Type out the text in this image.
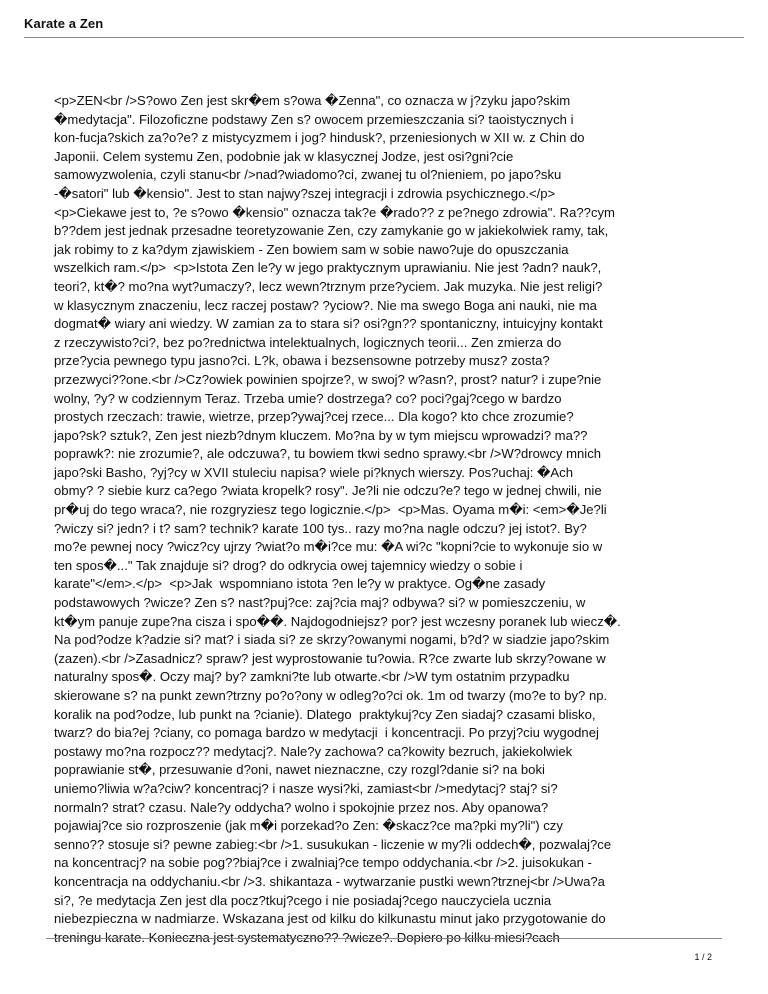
Karate a Zen
<p>ZEN<br />S?owo Zen jest skr�em s?owa �Zenna", co oznacza w j?zyku japo?skim
�medytacja". Filozoficzne podstawy Zen s? owocem przemieszczania si? taoistycznych i
kon-fucja?skich za?o?e? z mistycyzmem i jog? hindusk?, przeniesionych w XII w. z Chin do
Japonii. Celem systemu Zen, podobnie jak w klasycznej Jodze, jest osi?gni?cie
samowyzwolenia, czyli stanu<br />nad?wiadomo?ci, zwanej tu ol?nieniem, po japo?sku
-�satori" lub �kensio". Jest to stan najwy?szej integracji i zdrowia psychicznego.</p>
<p>Ciekawe jest to, ?e s?owo �kensio" oznacza tak?e �rado?? z pe?nego zdrowia". Ra??cym
b??dem jest jednak przesadne teoretyzowanie Zen, czy zamykanie go w jakiekolwiek ramy, tak,
jak robimy to z ka?dym zjawiskiem - Zen bowiem sam w sobie nawo?uje do opuszczania
wszelkich ram.</p>  <p>Istota Zen le?y w jego praktycznym uprawianiu. Nie jest ?adn? nauk?,
teori?, kt�? mo?na wyt?umaczy?, lecz wewn?trznym prze?yciem. Jak muzyka. Nie jest religi?
w klasycznym znaczeniu, lecz raczej postaw? ?yciow?. Nie ma swego Boga ani nauki, nie ma
dogmat� wiary ani wiedzy. W zamian za to stara si? osi?gn?? spontaniczny, intuicyjny kontakt
z rzeczywisto?ci?, bez po?rednictwa intelektualnych, logicznych teorii... Zen zmierza do
prze?ycia pewnego typu jasno?ci. L?k, obawa i bezsensowne potrzeby musz? zosta?
przezwyci??one.<br />Cz?owiek powinien spojrze?, w swoj? w?asn?, prost? natur? i zupe?nie
wolny, ?y? w codziennym Teraz. Trzeba umie? dostrzega? co? poci?gaj?cego w bardzo
prostych rzeczach: trawie, wietrze, przep?ywaj?cej rzece... Dla kogo? kto chce zrozumie?
japo?sk? sztuk?, Zen jest niezb?dnym kluczem. Mo?na by w tym miejscu wprowadzi? ma??
poprawk?: nie zrozumie?, ale odczuwa?, tu bowiem tkwi sedno sprawy.<br />W?drowcy mnich
japo?ski Basho, ?yj?cy w XVII stuleciu napisa? wiele pi?knych wierszy. Pos?uchaj: �Ach
obmy? ? siebie kurz ca?ego ?wiata kropelk? rosy". Je?li nie odczu?e? tego w jednej chwili, nie
pr�uj do tego wraca?, nie rozgryziesz tego logicznie.</p>  <p>Mas. Oyama m�i: <em>�Je?li
?wiczy si? jedn? i t? sam? technik? karate 100 tys.. razy mo?na nagle odczu? jej istot?. By?
mo?e pewnej nocy ?wicz?cy ujrzy ?wiat?o m�i?ce mu: �A wi?c "kopni?cie to wykonuje sio w
ten spos�..." Tak znajduje si? drog? do odkrycia owej tajemnicy wiedzy o sobie i
karate"</em>.</p>  <p>Jak  wspomniano istota ?en le?y w praktyce. Og�ne zasady
podstawowych ?wicze? Zen s? nast?puj?ce: zaj?cia maj? odbywa? si? w pomieszczeniu, w
kt�ym panuje zupe?na cisza i spo��. Najdogodniejsz? por? jest wczesny poranek lub wiecz�.
Na pod?odze k?adzie si? mat? i siada si? ze skrzy?owanymi nogami, b?d? w siadzie japo?skim
(zazen).<br />Zasadnicz? spraw? jest wyprostowanie tu?owia. R?ce zwarte lub skrzy?owane w
naturalny spos�. Oczy maj? by? zamkni?te lub otwarte.<br />W tym ostatnim przypadku
skierowane s? na punkt zewn?trzny po?o?ony w odleg?o?ci ok. 1m od twarzy (mo?e to by? np.
koralik na pod?odze, lub punkt na ?cianie). Dlatego  praktykuj?cy Zen siadaj? czasami blisko,
twarz? do bia?ej ?ciany, co pomaga bardzo w medytacji  i koncentracji. Po przyj?ciu wygodnej
postawy mo?na rozpocz?? medytacj?. Nale?y zachowa? ca?kowity bezruch, jakiekolwiek
poprawianie st�, przesuwanie d?oni, nawet nieznaczne, czy rozgl?danie si? na boki
uniemo?liwia w?a?ciw? koncentracj? i nasze wysi?ki, zamiast<br />medytacj? staj? si?
normaln? strat? czasu. Nale?y oddycha? wolno i spokojnie przez nos. Aby opanowa?
pojawiaj?ce sio rozproszenie (jak m�i porzekad?o Zen: �skacz?ce ma?pki my?li") czy
senno?? stosuje si? pewne zabieg:<br />1. susukukan - liczenie w my?li oddech�, pozwalaj?ce
na koncentracj? na sobie pog??biaj?ce i zwalniaj?ce tempo oddychania.<br />2. juisokukan -
koncentracja na oddychaniu.<br />3. shikantaza - wytwarzanie pustki wewn?trznej<br />Uwa?a
si?, ?e medytacja Zen jest dla pocz?tkuj?cego i nie posiadaj?cego nauczyciela ucznia
niebezpieczna w nadmiarze. Wskazana jest od kilku do kilkunastu minut jako przygotowanie do
treningu karate. Konieczna jest systematyczno?? ?wicze?. Dopiero po kilku miesi?cach
1 / 2
